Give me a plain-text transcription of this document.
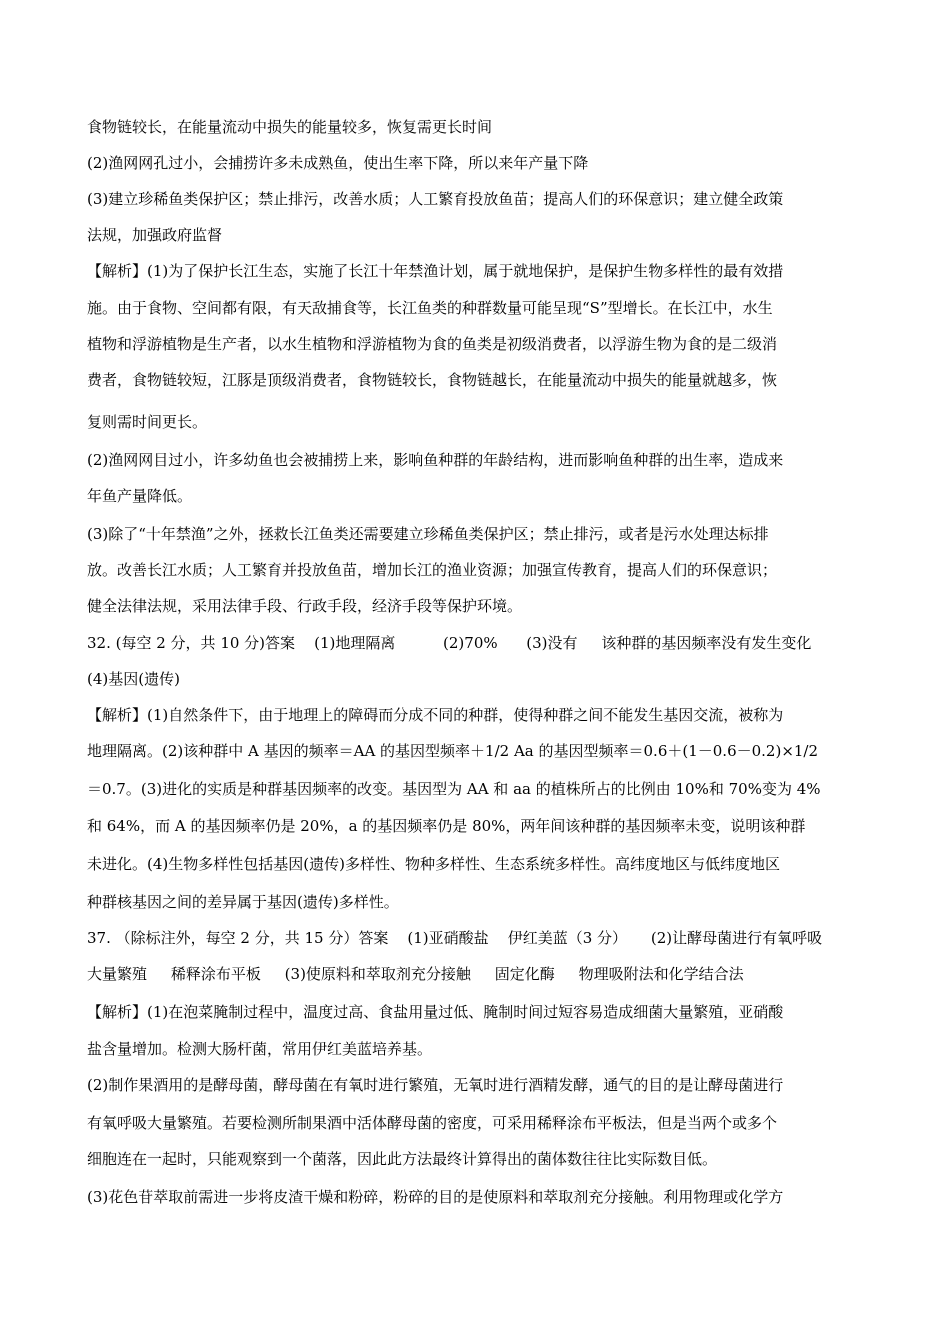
食物链较长，在能量流动中损失的能量较多，恢复需更长时间
(2)渔网网孔过小，会捕捞许多未成熟鱼，使出生率下降，所以来年产量下降
(3)建立珍稀鱼类保护区；禁止排污，改善水质；人工繁育投放鱼苗；提高人们的环保意识；建立健全政策
法规，加强政府监督
【解析】(1)为了保护长江生态，实施了长江十年禁渔计划，属于就地保护，是保护生物多样性的最有效措
施。由于食物、空间都有限，有天敌捕食等，长江鱼类的种群数量可能呈现“S”型增长。在长江中，水生
植物和浮游植物是生产者，以水生植物和浮游植物为食的鱼类是初级消费者，以浮游生物为食的是二级消
费者，食物链较短，江豚是顶级消费者，食物链较长，食物链越长，在能量流动中损失的能量就越多，恢
复则需时间更长。
(2)渔网网目过小，许多幼鱼也会被捕捞上来，影响鱼种群的年龄结构，进而影响鱼种群的出生率，造成来
年鱼产量降低。
(3)除了“十年禁渔”之外，拯救长江鱼类还需要建立珍稀鱼类保护区；禁止排污，或者是污水处理达标排
放。改善长江水质；人工繁育并投放鱼苗，增加长江的渔业资源；加强宣传教育，提高人们的环保意识；
健全法律法规，采用法律手段、行政手段，经济手段等保护环境。
32. (每空 2 分，共 10 分)答案    (1)地理隔离          (2)70%      (3)没有     该种群的基因频率没有发生变化
(4)基因(遗传)
【解析】(1)自然条件下，由于地理上的障碍而分成不同的种群，使得种群之间不能发生基因交流，被称为
地理隔离。(2)该种群中 A 基因的频率＝AA 的基因型频率＋1/2 Aa 的基因型频率＝0.6＋(1－0.6－0.2)×1/2
＝0.7。(3)进化的实质是种群基因频率的改变。基因型为 AA 和 aa 的植株所占的比例由 10%和 70%变为 4%
和 64%，而 A 的基因频率仍是 20%，a 的基因频率仍是 80%，两年间该种群的基因频率未变，说明该种群
未进化。(4)生物多样性包括基因(遗传)多样性、物种多样性、生态系统多样性。高纬度地区与低纬度地区
种群核基因之间的差异属于基因(遗传)多样性。
37. （除标注外，每空 2 分，共 15 分）答案    (1)亚硝酸盐    伊红美蓝（3 分）     (2)让酵母菌进行有氧呼吸
大量繁殖     稀释涂布平板     (3)使原料和萃取剂充分接触     固定化酶     物理吸附法和化学结合法
【解析】(1)在泡菜腌制过程中，温度过高、食盐用量过低、腌制时间过短容易造成细菌大量繁殖，亚硝酸
盐含量增加。检测大肠杆菌，常用伊红美蓝培养基。
(2)制作果酒用的是酵母菌，酵母菌在有氧时进行繁殖，无氧时进行酒精发酵，通气的目的是让酵母菌进行
有氧呼吸大量繁殖。若要检测所制果酒中活体酵母菌的密度，可采用稀释涂布平板法，但是当两个或多个
细胞连在一起时，只能观察到一个菌落，因此此方法最终计算得出的菌体数往往比实际数目低。
(3)花色苷萃取前需进一步将皮渣干燥和粉碎，粉碎的目的是使原料和萃取剂充分接触。利用物理或化学方
